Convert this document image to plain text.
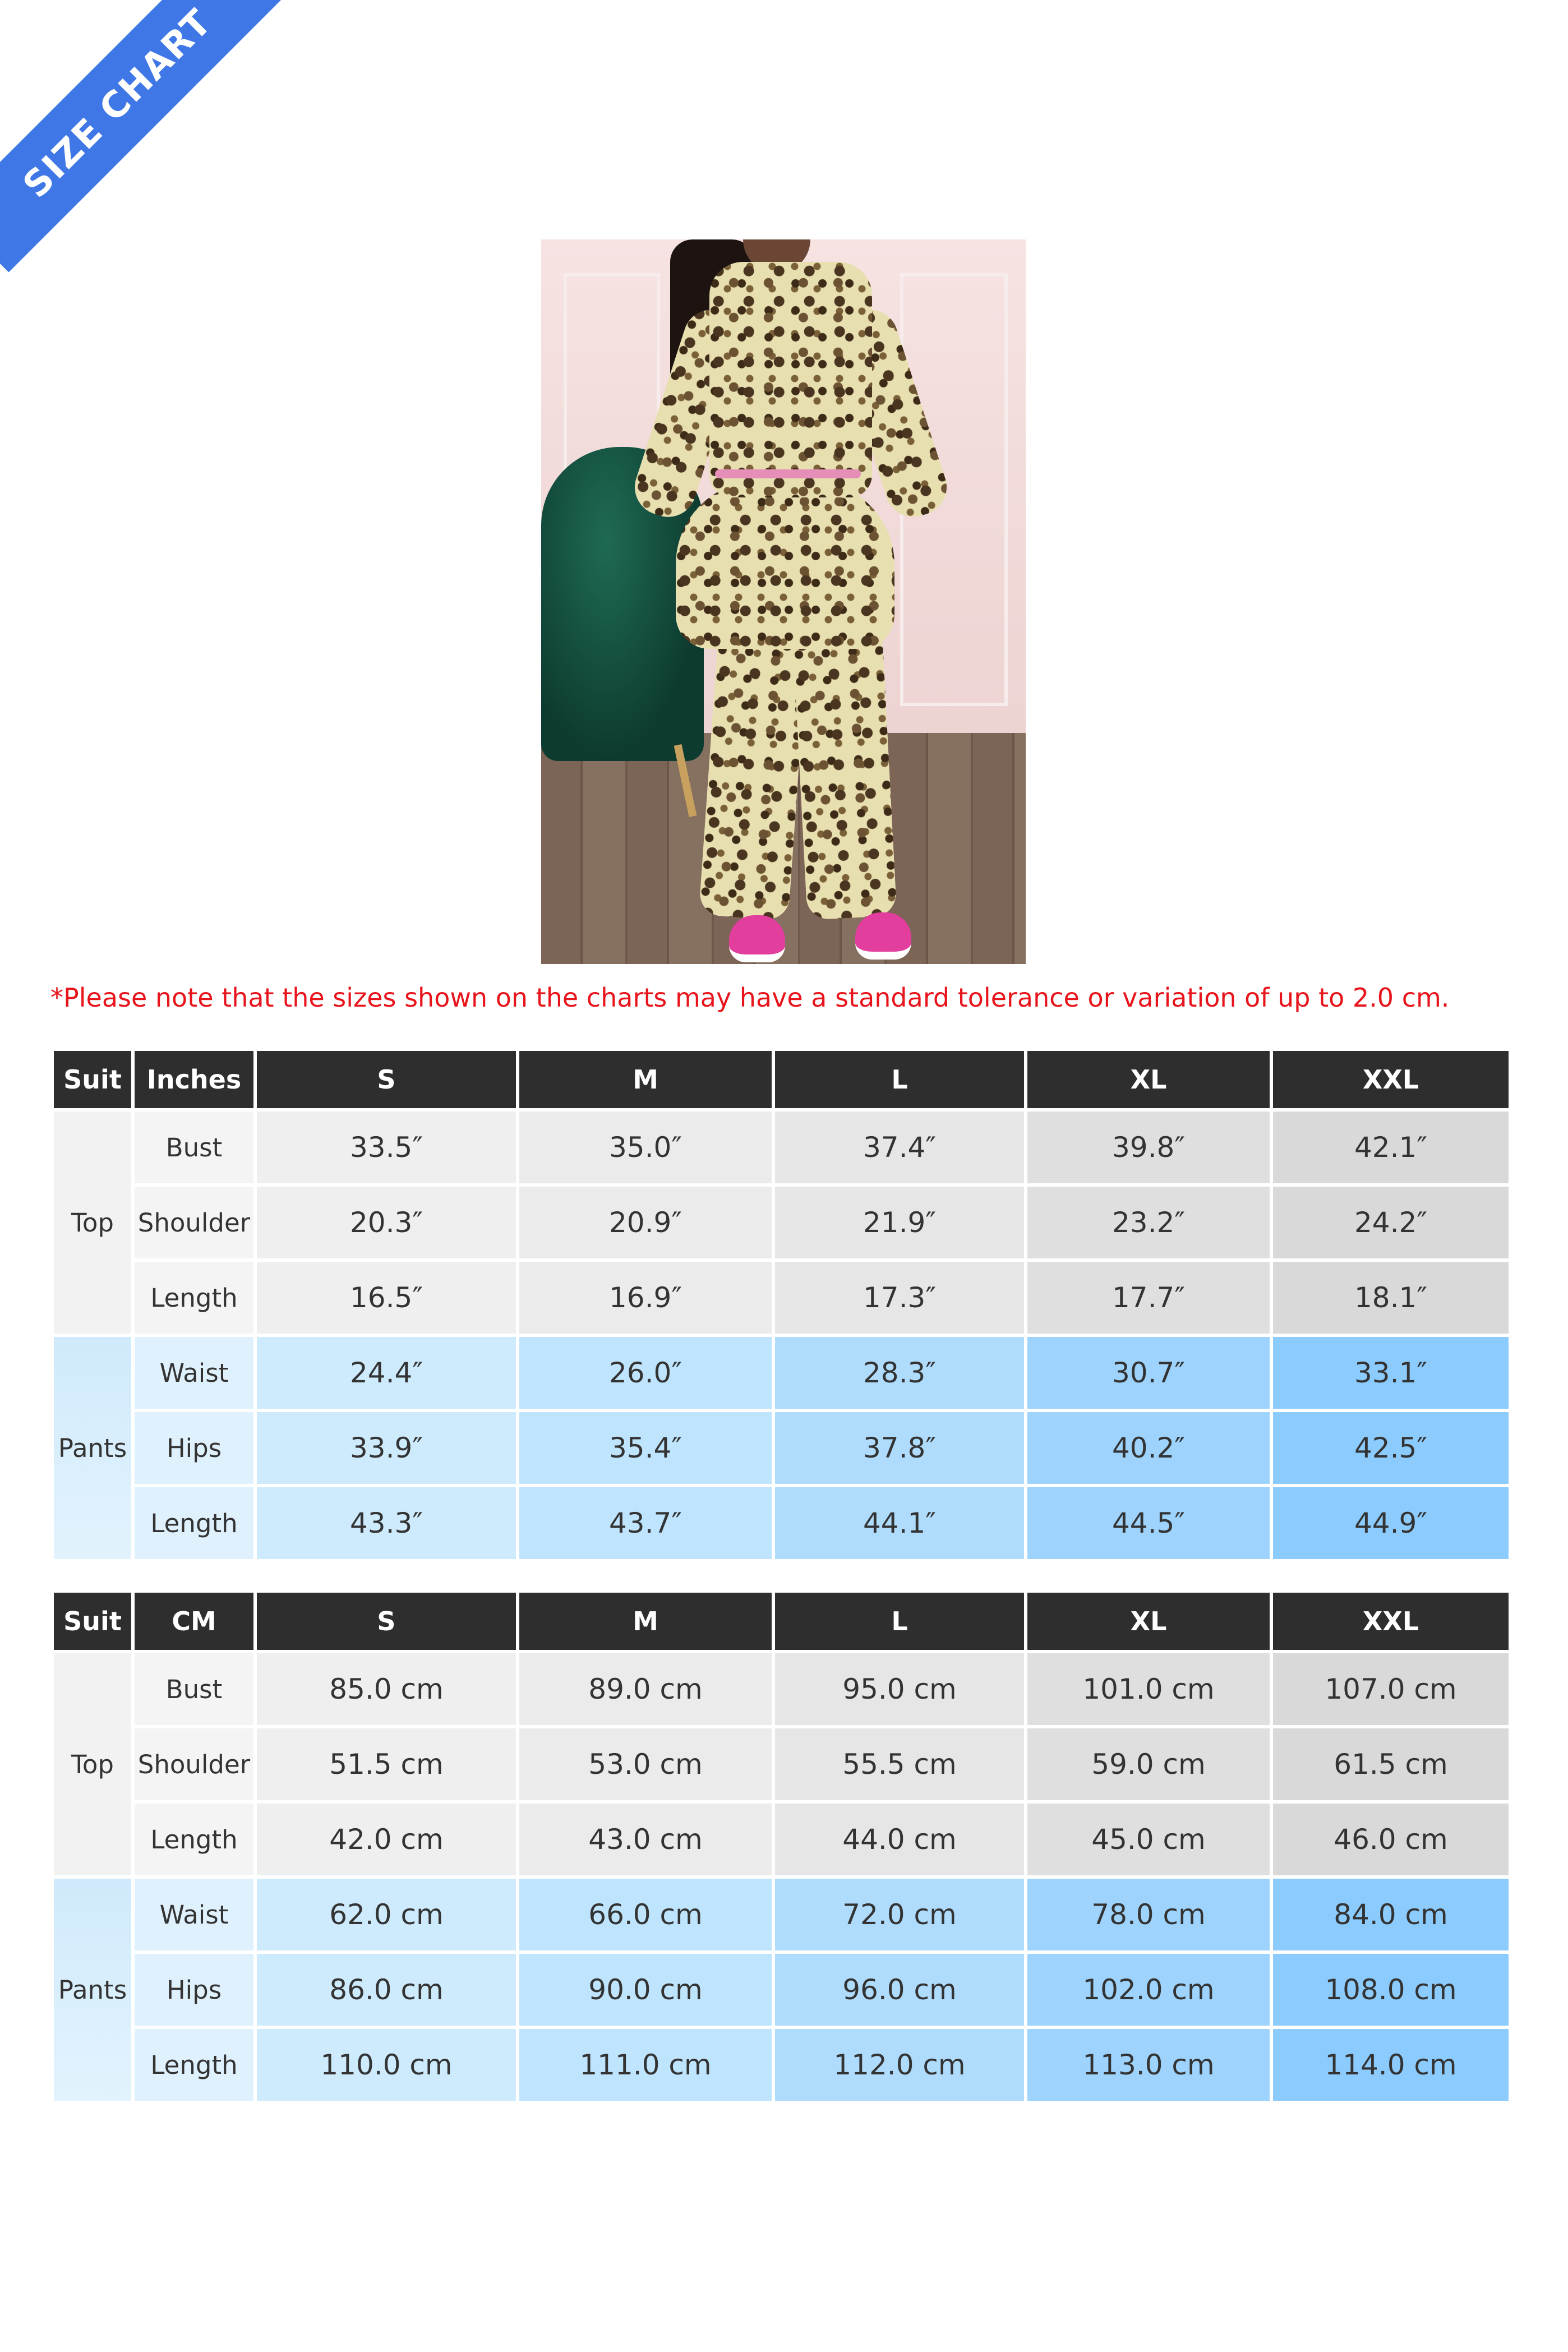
SIZE CHART
*Please note that the sizes shown on the charts may have a standard tolerance or variation of up to 2.0 cm.
Suit	Inches	S	M	L	XL	XXL
Top	Bust	33.5″	35.0″	37.4″	39.8″	42.1″
	Shoulder	20.3″	20.9″	21.9″	23.2″	24.2″
	Length	16.5″	16.9″	17.3″	17.7″	18.1″
Pants	Waist	24.4″	26.0″	28.3″	30.7″	33.1″
	Hips	33.9″	35.4″	37.8″	40.2″	42.5″
	Length	43.3″	43.7″	44.1″	44.5″	44.9″
Suit	CM	S	M	L	XL	XXL
Top	Bust	85.0 cm	89.0 cm	95.0 cm	101.0 cm	107.0 cm
	Shoulder	51.5 cm	53.0 cm	55.5 cm	59.0 cm	61.5 cm
	Length	42.0 cm	43.0 cm	44.0 cm	45.0 cm	46.0 cm
Pants	Waist	62.0 cm	66.0 cm	72.0 cm	78.0 cm	84.0 cm
	Hips	86.0 cm	90.0 cm	96.0 cm	102.0 cm	108.0 cm
	Length	110.0 cm	111.0 cm	112.0 cm	113.0 cm	114.0 cm
